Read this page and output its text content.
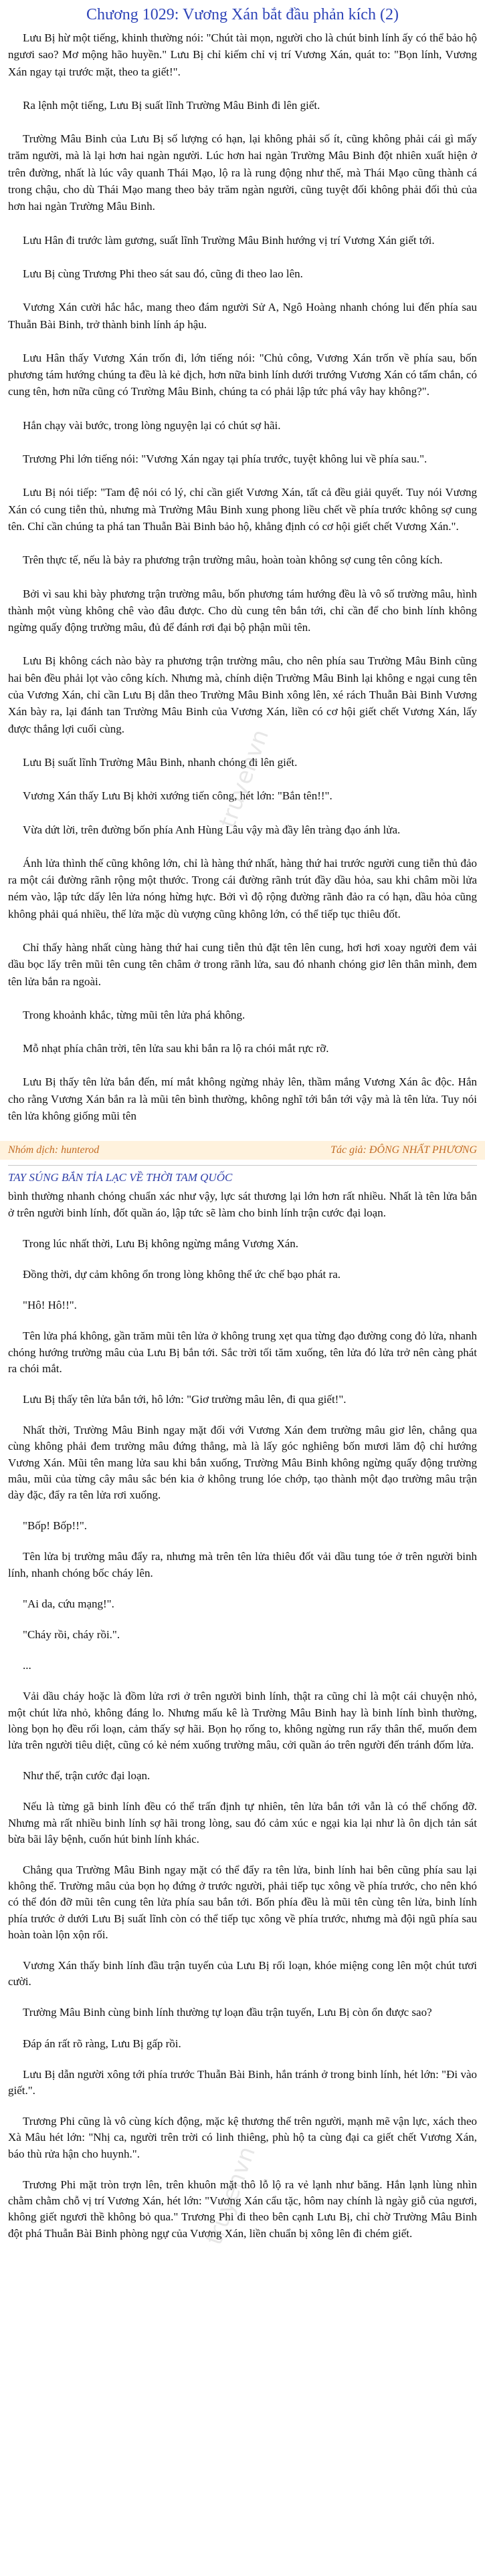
Chương 1029: Vương Xán bắt đầu phản kích (2)

Lưu Bị hừ một tiếng, khinh thường nói: "Chút tài mọn, người cho là chút binh lính ấy có thể bảo hộ ngươi sao? Mơ mộng hão huyền." Lưu Bị chỉ kiếm chỉ vị trí Vương Xán, quát to: "Bọn lính, Vương Xán ngay tại trước mặt, theo ta giết!".

Ra lệnh một tiếng, Lưu Bị suất lĩnh Trường Mâu Binh đi lên giết.

Trường Mâu Binh của Lưu Bị số lượng có hạn, lại không phải số ít, cũng không phải cái gì mấy trăm người, mà là lại hơn hai ngàn người. Lúc hơn hai ngàn Trường Mâu Binh đột nhiên xuất hiện ở trên đường, nhất là lúc vây quanh Thái Mạo, lộ ra là rung động như thế, mà Thái Mạo cũng thành cá trong chậu, cho dù Thái Mạo mang theo bảy trăm ngàn người, cũng tuyệt đối không phải đối thủ của hơn hai ngàn Trường Mâu Binh.

Lưu Hân đi trước làm gương, suất lĩnh Trường Mâu Binh hướng vị trí Vương Xán giết tới.

Lưu Bị cùng Trương Phi theo sát sau đó, cũng đi theo lao lên.

Vương Xán cười hắc hắc, mang theo đám người Sử A, Ngô Hoàng nhanh chóng lui đến phía sau Thuẫn Bài Binh, trở thành binh lính áp hậu.

Lưu Hân thấy Vương Xán trốn đi, lớn tiếng nói: "Chủ công, Vương Xán trốn về phía sau, bốn phương tám hướng chúng ta đều là kẻ địch, hơn nữa binh lính dưới trướng Vương Xán có tấm chắn, có cung tên, hơn nữa cũng có Trường Mâu Binh, chúng ta có phải lập tức phá vây hay không?".

Hắn chạy vài bước, trong lòng nguyện lại có chút sợ hãi.

Trương Phi lớn tiếng nói: "Vương Xán ngay tại phía trước, tuyệt không lui về phía sau.".

Lưu Bị nói tiếp: "Tam đệ nói có lý, chỉ cần giết Vương Xán, tất cả đều giải quyết. Tuy nói Vương Xán có cung tiễn thủ, nhưng mà Trường Mâu Binh xung phong liều chết về phía trước không sợ cung tên. Chỉ cần chúng ta phá tan Thuẫn Bài Binh bảo hộ, khẳng định có cơ hội giết chết Vương Xán.".

Trên thực tế, nếu là bảy ra phương trận trường mâu, hoàn toàn không sợ cung tên công kích.

Bởi vì sau khi bày phương trận trường mâu, bốn phương tám hướng đều là vô số trường mâu, hình thành một vùng không chê vào đâu được. Cho dù cung tên bắn tới, chỉ cần để cho binh lính không ngừng quấy động trường mâu, đủ để đánh rơi đại bộ phận mũi tên.

Lưu Bị không cách nào bày ra phương trận trường mâu, cho nên phía sau Trường Mâu Binh cũng hai bên đều phải lọt vào công kích. Nhưng mà, chính diện Trường Mâu Binh lại không e ngại cung tên của Vương Xán, chỉ cần Lưu Bị dẫn theo Trường Mâu Binh xông lên, xé rách Thuẫn Bài Binh Vương Xán bày ra, lại đánh tan Trường Mâu Binh của Vương Xán, liền có cơ hội giết chết Vương Xán, lấy được thắng lợi cuối cùng.

Lưu Bị suất lĩnh Trường Mâu Binh, nhanh chóng đi lên giết.

Vương Xán thấy Lưu Bị khởi xướng tiến công, hét lớn: "Bắn tên!!".

Vừa dứt lời, trên đường bốn phía Anh Hùng Lâu vậy mà đầy lên tràng đạo ánh lửa.

Ánh lửa thình thế cũng không lớn, chỉ là hàng thứ nhất, hàng thứ hai trước người cung tiễn thủ đảo ra một cái đường rãnh rộng một thước. Trong cái đường rãnh trút đầy dầu hỏa, sau khi châm mồi lửa ném vào, lập tức dấy lên lửa nóng hừng hực. Bởi vì độ rộng đường rãnh đảo ra có hạn, dầu hỏa cũng không phải quá nhiều, thế lửa mặc dù vượng cũng không lớn, có thể tiếp tục thiêu đốt.

Chỉ thấy hàng nhất cùng hàng thứ hai cung tiễn thủ đặt tên lên cung, hơi hơi xoay người đem vải dầu bọc lấy trên mũi tên cung tên châm ở trong rãnh lửa, sau đó nhanh chóng giơ lên thân mình, đem tên lửa bắn ra ngoài.

Trong khoảnh khắc, từng mũi tên lửa phá không.

Mỗ nhạt phía chân trời, tên lửa sau khi bắn ra lộ ra chói mắt rực rỡ.

Lưu Bị thấy tên lửa bắn đến, mí mắt không ngừng nhảy lên, thầm mắng Vương Xán âc độc. Hắn cho rằng Vương Xán bắn ra là mũi tên bình thường, không nghĩ tới bắn tới vậy mà là tên lửa. Tuy nói tên lửa không giống mũi tên

Nhóm dịch: hunterod	Tác giả: ĐÔNG NHẤT PHƯƠNG
TAY SÚNG BẮN TỈA LẠC VỀ THỜI TAM QUỐC

bình thường nhanh chóng chuẩn xác như vậy, lực sát thương lại lớn hơn rất nhiều. Nhất là tên lửa bắn ở trên người binh lính, đốt quần áo, lập tức sẽ làm cho binh lính trận cước đại loạn.

Trong lúc nhất thời, Lưu Bị không ngừng mắng Vương Xán.

Đồng thời, dự cảm không ổn trong lòng không thể ức chế bạo phát ra.

"Hô! Hô!!".

Tên lửa phá không, gần trăm mũi tên lửa ở không trung xẹt qua từng đạo đường cong đỏ lửa, nhanh chóng hướng trường mâu của Lưu Bị bắn tới. Sắc trời tối tăm xuống, tên lửa đó lửa trở nên càng phát ra chói mắt.

Lưu Bị thấy tên lửa bắn tới, hô lớn: "Giơ trường mâu lên, đi qua giết!".

Nhất thời, Trường Mâu Binh ngay mặt đối với Vương Xán đem trường mâu giơ lên, chẳng qua cùng không phải đem trường mâu đứng thẳng, mà là lấy góc nghiêng bốn mươi lăm độ chỉ hướng Vương Xán. Mũi tên mang lửa sau khi bắn xuống, Trường Mâu Binh không ngừng quấy động trường mâu, mũi của từng cây mâu sắc bén kia ở không trung lóe chớp, tạo thành một đạo trường mâu trận dày đặc, đẩy ra tên lửa rơi xuống.

"Bốp! Bốp!!".

Tên lửa bị trường mâu đẩy ra, nhưng mà trên tên lửa thiêu đốt vải dầu tung tóe ở trên người binh lính, nhanh chóng bốc cháy lên.

"Ai da, cứu mạng!".

"Cháy rồi, cháy rồi.".

...

Vải dầu cháy hoặc là đồm lửa rơi ở trên người binh lính, thật ra cũng chỉ là một cái chuyện nhỏ, một chút lửa nhỏ, không đáng lo. Nhưng mấu kê là Trường Mâu Binh hay là binh lính bình thường, lòng bọn họ đều rối loạn, cảm thấy sợ hãi. Bọn họ rống to, không ngừng run rẩy thân thể, muốn đem lửa trên người tiêu diệt, cũng có kẻ ném xuống trường mâu, cởi quần áo trên người đến tránh đốm lửa.

Như thế, trận cước đại loạn.

Nếu là từng gã binh lính đều có thể trấn định tự nhiên, tên lửa bắn tới vẫn là có thể chống đỡ. Nhưng mà rất nhiều binh lính sợ hãi trong lòng, sau đó cảm xúc e ngại kia lại như là ôn dịch tản sát bừa bãi lây bệnh, cuốn hút binh lính khác.

Chẳng qua Trường Mâu Binh ngay mặt có thể đẩy ra tên lửa, binh lính hai bên cũng phía sau lại không thể. Trường mâu của bọn họ đứng ở trước người, phải tiếp tục xông về phía trước, cho nên khó có thể đón đỡ mũi tên cung tên lửa phía sau bắn tới. Bốn phía đều là mũi tên cùng tên lửa, binh lính phía trước ở dưới Lưu Bị suất lĩnh còn có thể tiếp tục xông về phía trước, nhưng mà đội ngũ phía sau hoàn toàn lộn xộn rối.

Vương Xán thấy binh lính đầu trận tuyến của Lưu Bị rối loạn, khóe miệng cong lên một chút tươi cười.

Trường Mâu Binh cùng binh lính thường tự loạn đầu trận tuyến, Lưu Bị còn ổn được sao?

Đáp án rất rõ ràng, Lưu Bị gấp rồi.

Lưu Bị dẫn người xông tới phía trước Thuẫn Bài Binh, hắn tránh ở trong binh lính, hét lớn: "Đi vào giết.".

Trương Phi cũng là vô cùng kích động, mặc kệ thương thế trên người, mạnh mẽ vận lực, xách theo Xà Mâu hét lớn: "Nhị ca, người trên trời có linh thiêng, phù hộ ta cùng đại ca giết chết Vương Xán, báo thù rửa hận cho huynh.".

Trương Phi mặt tròn trợn lên, trên khuôn mặt thô lỗ lộ ra vẻ lạnh như băng. Hắn lạnh lùng nhìn chằm chằm chỗ vị trí Vương Xán, hét lớn: "Vương Xán cẩu tặc, hôm nay chính là ngày giỗ của ngươi, không giết ngươi thề không bỏ qua." Trương Phi đi theo bên cạnh Lưu Bị, chỉ chờ Trường Mâu Binh đột phá Thuẫn Bài Binh phòng ngự của Vương Xán, liền chuẩn bị xông lên đi chém giết.

truyenvn
truyenvn
